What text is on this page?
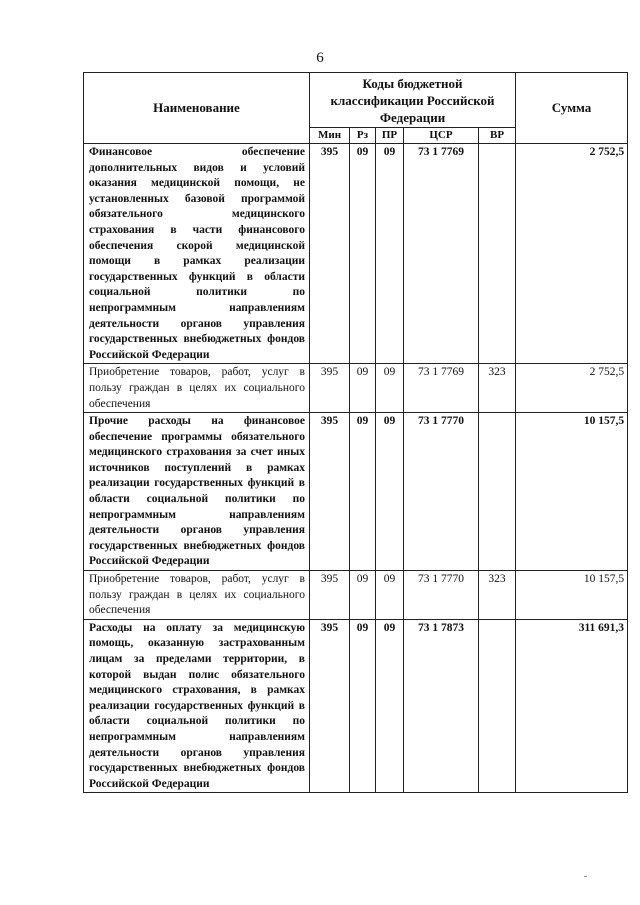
6
Наименование	Коды бюджетной классификации Российской Федерации					Сумма
	Мин	Рз	ПР	ЦСР	ВР	
Финансовое обеспечение дополнительных видов и условий оказания медицинской помощи, не установленных базовой программой обязательного медицинского страхования в части финансового обеспечения скорой медицинской помощи в рамках реализации государственных функций в области социальной политики по непрограммным направлениям деятельности органов управления государственных внебюджетных фондов Российской Федерации	395	09	09	73 1 7769		2 752,5
Приобретение товаров, работ, услуг в пользу граждан в целях их социального обеспечения	395	09	09	73 1 7769	323	2 752,5
Прочие расходы на финансовое обеспечение программы обязательного медицинского страхования за счет иных источников поступлений в рамках реализации государственных функций в области социальной политики по непрограммным направлениям деятельности органов управления государственных внебюджетных фондов Российской Федерации	395	09	09	73 1 7770		10 157,5
Приобретение товаров, работ, услуг в пользу граждан в целях их социального обеспечения	395	09	09	73 1 7770	323	10 157,5
Расходы на оплату за медицинскую помощь, оказанную застрахованным лицам за пределами территории, в которой выдан полис обязательного медицинского страхования, в рамках реализации государственных функций в области социальной политики по непрограммным направлениям деятельности органов управления государственных внебюджетных фондов Российской Федерации	395	09	09	73 1 7873		311 691,3
